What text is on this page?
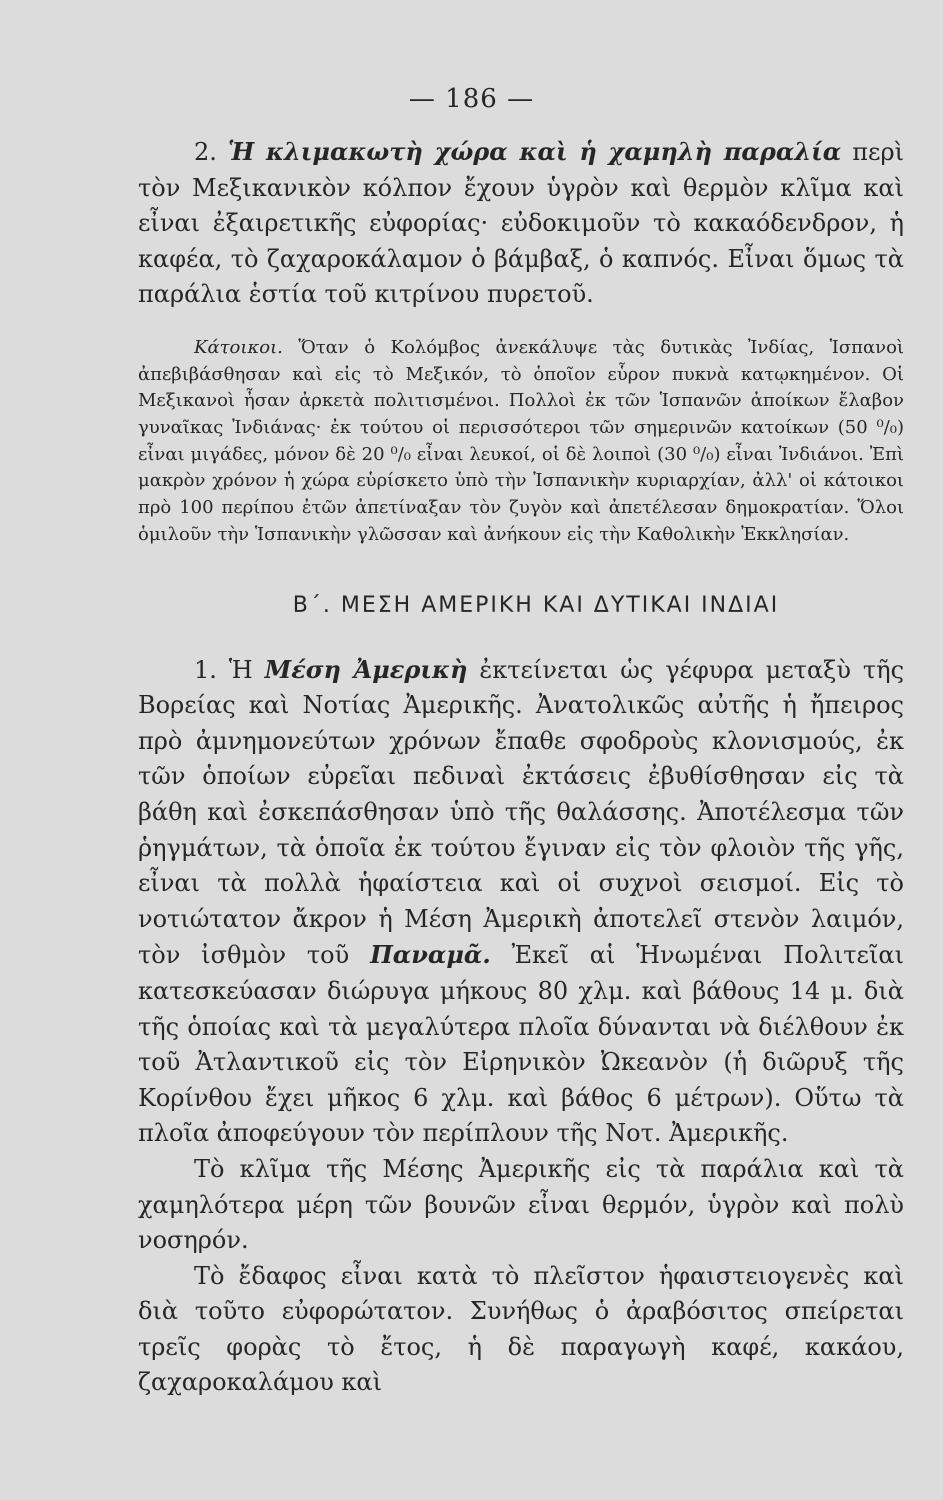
— 186 —

2. Ἡ κλιμακωτὴ χώρα καὶ ἡ χαμηλὴ παραλία περὶ τὸν Μεξικανικὸν κόλπον ἔχουν ὑγρὸν καὶ θερμὸν κλῖμα καὶ εἶναι ἐξαιρετικῆς εὐφορίας· εὐδοκιμοῦν τὸ κακαόδενδρον, ἡ καφέα, τὸ ζαχαροκάλαμον ὁ βάμβαξ, ὁ καπνός. Εἶναι ὅμως τὰ παράλια ἑστία τοῦ κιτρίνου πυρετοῦ.

Κάτοικοι. Ὅταν ὁ Κολόμβος ἀνεκάλυψε τὰς δυτικὰς Ἰνδίας, Ἱσπανοὶ ἀπεβιβάσθησαν καὶ εἰς τὸ Μεξικόν, τὸ ὁποῖον εὗρον πυκνὰ κατῳκημένον. Οἱ Μεξικανοὶ ἦσαν ἀρκετὰ πολιτισμένοι. Πολλοὶ ἐκ τῶν Ἱσπανῶν ἀποίκων ἔλαβον γυναῖκας Ἰνδιάνας· ἐκ τούτου οἱ περισσότεροι τῶν σημερινῶν κατοίκων (50 ⁰/₀) εἶναι μιγάδες, μόνον δὲ 20 ⁰/₀ εἶναι λευκοί, οἱ δὲ λοιποὶ (30 ⁰/₀) εἶναι Ἰνδιάνοι. Ἐπὶ μακρὸν χρόνον ἡ χώρα εὑρίσκετο ὑπὸ τὴν Ἱσπανικὴν κυριαρχίαν, ἀλλ' οἱ κάτοικοι πρὸ 100 περίπου ἐτῶν ἀπετίναξαν τὸν ζυγὸν καὶ ἀπετέλεσαν δημοκρατίαν. Ὅλοι ὁμιλοῦν τὴν Ἱσπανικὴν γλῶσσαν καὶ ἀνήκουν εἰς τὴν Καθολικὴν Ἐκκλησίαν.

Β΄. ΜΕΣΗ ΑΜΕΡΙΚΗ ΚΑΙ ΔΥΤΙΚΑΙ ΙΝΔΙΑΙ

1. Ἡ Μέση Ἀμερικὴ ἐκτείνεται ὡς γέφυρα μεταξὺ τῆς Βορείας καὶ Νοτίας Ἀμερικῆς. Ἀνατολικῶς αὐτῆς ἡ ἤπειρος πρὸ ἀμνημονεύτων χρόνων ἔπαθε σφοδροὺς κλονισμούς, ἐκ τῶν ὁποίων εὐρεῖαι πεδιναὶ ἐκτάσεις ἐβυθίσθησαν εἰς τὰ βάθη καὶ ἐσκεπάσθησαν ὑπὸ τῆς θαλάσσης. Ἀποτέλεσμα τῶν ῥηγμάτων, τὰ ὁποῖα ἐκ τούτου ἔγιναν εἰς τὸν φλοιὸν τῆς γῆς, εἶναι τὰ πολλὰ ἡφαίστεια καὶ οἱ συχνοὶ σεισμοί. Εἰς τὸ νοτιώτατον ἄκρον ἡ Μέση Ἀμερικὴ ἀποτελεῖ στενὸν λαιμόν, τὸν ἰσθμὸν τοῦ Παναμᾶ. Ἐκεῖ αἱ Ἡνωμέναι Πολιτεῖαι κατεσκεύασαν διώρυγα μήκους 80 χλμ. καὶ βάθους 14 μ. διὰ τῆς ὁποίας καὶ τὰ μεγαλύτερα πλοῖα δύνανται νὰ διέλθουν ἐκ τοῦ Ἀτλαντικοῦ εἰς τὸν Εἰρηνικὸν Ὠκεανὸν (ἡ διῶρυξ τῆς Κορίνθου ἔχει μῆκος 6 χλμ. καὶ βάθος 6 μέτρων). Οὕτω τὰ πλοῖα ἀποφεύγουν τὸν περίπλουν τῆς Νοτ. Ἀμερικῆς.

Τὸ κλῖμα τῆς Μέσης Ἀμερικῆς εἰς τὰ παράλια καὶ τὰ χαμηλότερα μέρη τῶν βουνῶν εἶναι θερμόν, ὑγρὸν καὶ πολὺ νοσηρόν.

Τὸ ἔδαφος εἶναι κατὰ τὸ πλεῖστον ἡφαιστειογενὲς καὶ διὰ τοῦτο εὐφορώτατον. Συνήθως ὁ ἀραβόσιτος σπείρεται τρεῖς φορὰς τὸ ἔτος, ἡ δὲ παραγωγὴ καφέ, κακάου, ζαχαροκαλάμου καὶ
